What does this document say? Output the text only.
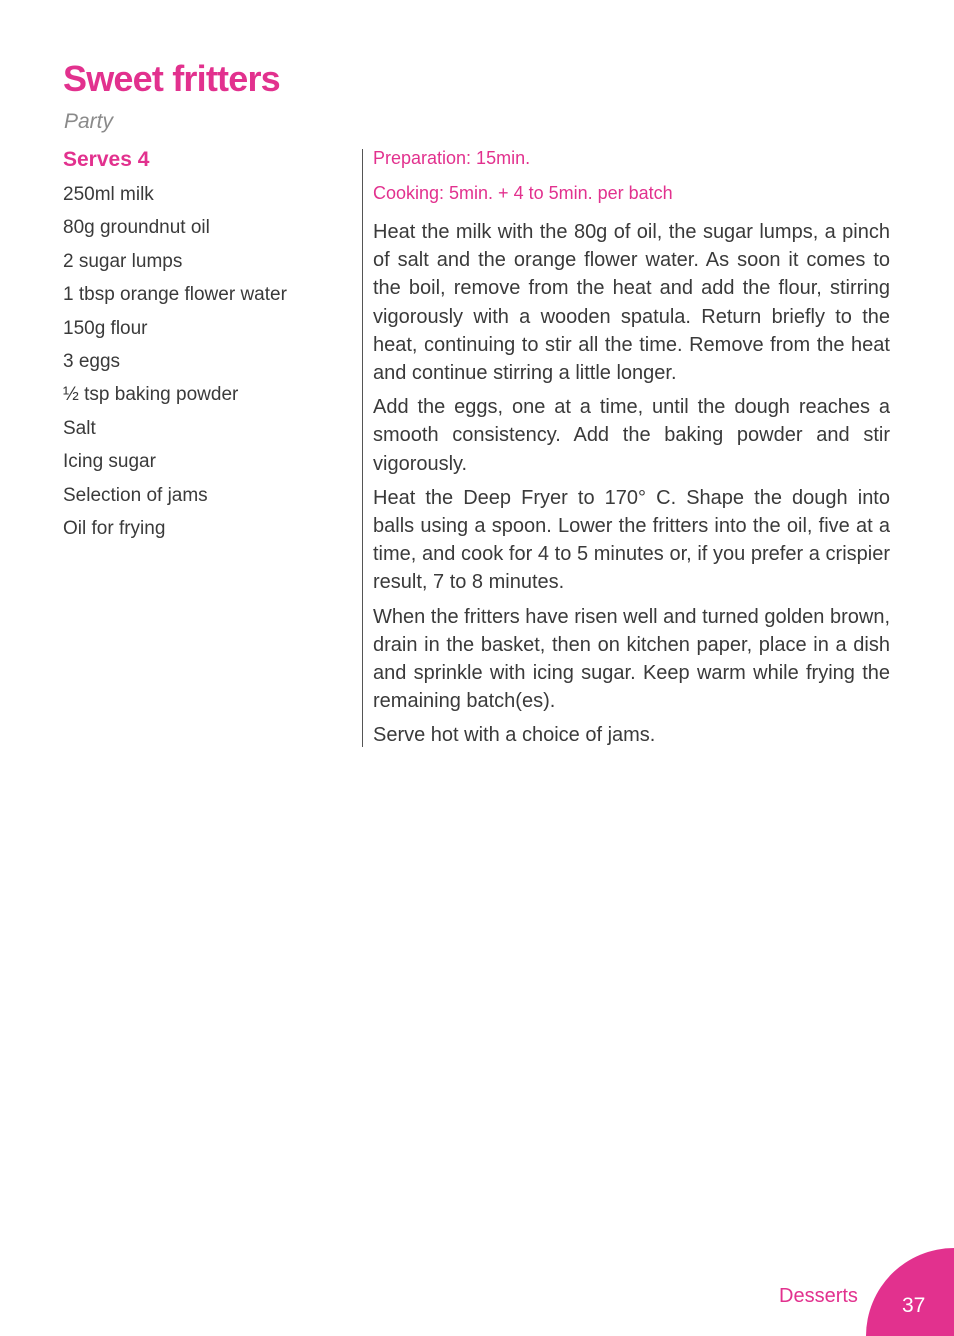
Sweet fritters
Party
Serves 4
250ml milk
80g groundnut oil
2 sugar lumps
1 tbsp orange flower water
150g flour
3 eggs
½ tsp baking powder
Salt
Icing sugar
Selection of jams
Oil for frying
Preparation: 15min.
Cooking: 5min. + 4 to 5min. per batch

Heat the milk with the 80g of oil, the sugar lumps, a pinch of salt and the orange flower water. As soon it comes to the boil, remove from the heat and add the flour, stirring vigorously with a wooden spatula. Return briefly to the heat, continuing to stir all the time. Remove from the heat and continue stirring a little longer.

Add the eggs, one at a time, until the dough reaches a smooth consistency. Add the baking powder and stir vigorously.

Heat the Deep Fryer to 170° C. Shape the dough into balls using a spoon. Lower the fritters into the oil, five at a time, and cook for 4 to 5 minutes or, if you prefer a crispier result, 7 to 8 minutes.

When the fritters have risen well and turned golden brown, drain in the basket, then on kitchen paper, place in a dish and sprinkle with icing sugar. Keep warm while frying the remaining batch(es).

Serve hot with a choice of jams.

Desserts 37
